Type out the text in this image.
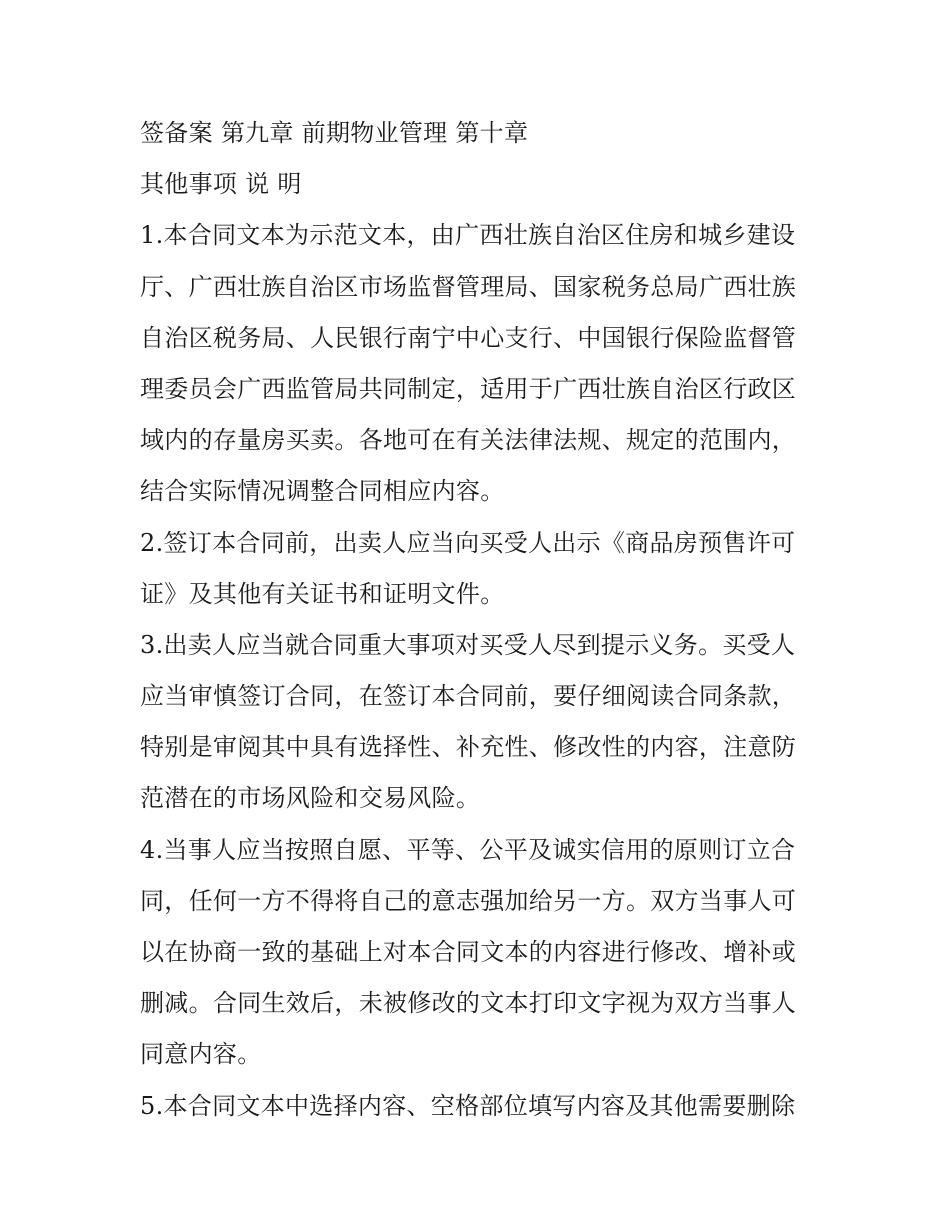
签备案 第九章 前期物业管理 第十章
其他事项 说 明
1.本合同文本为示范文本，由广西壮族自治区住房和城乡建设
厅、广西壮族自治区市场监督管理局、国家税务总局广西壮族
自治区税务局、人民银行南宁中心支行、中国银行保险监督管
理委员会广西监管局共同制定，适用于广西壮族自治区行政区
域内的存量房买卖。各地可在有关法律法规、规定的范围内，
结合实际情况调整合同相应内容。
2.签订本合同前，出卖人应当向买受人出示《商品房预售许可
证》及其他有关证书和证明文件。
3.出卖人应当就合同重大事项对买受人尽到提示义务。买受人
应当审慎签订合同，在签订本合同前，要仔细阅读合同条款，
特别是审阅其中具有选择性、补充性、修改性的内容，注意防
范潜在的市场风险和交易风险。
4.当事人应当按照自愿、平等、公平及诚实信用的原则订立合
同，任何一方不得将自己的意志强加给另一方。双方当事人可
以在协商一致的基础上对本合同文本的内容进行修改、增补或
删减。合同生效后，未被修改的文本打印文字视为双方当事人
同意内容。
5.本合同文本中选择内容、空格部位填写内容及其他需要删除
